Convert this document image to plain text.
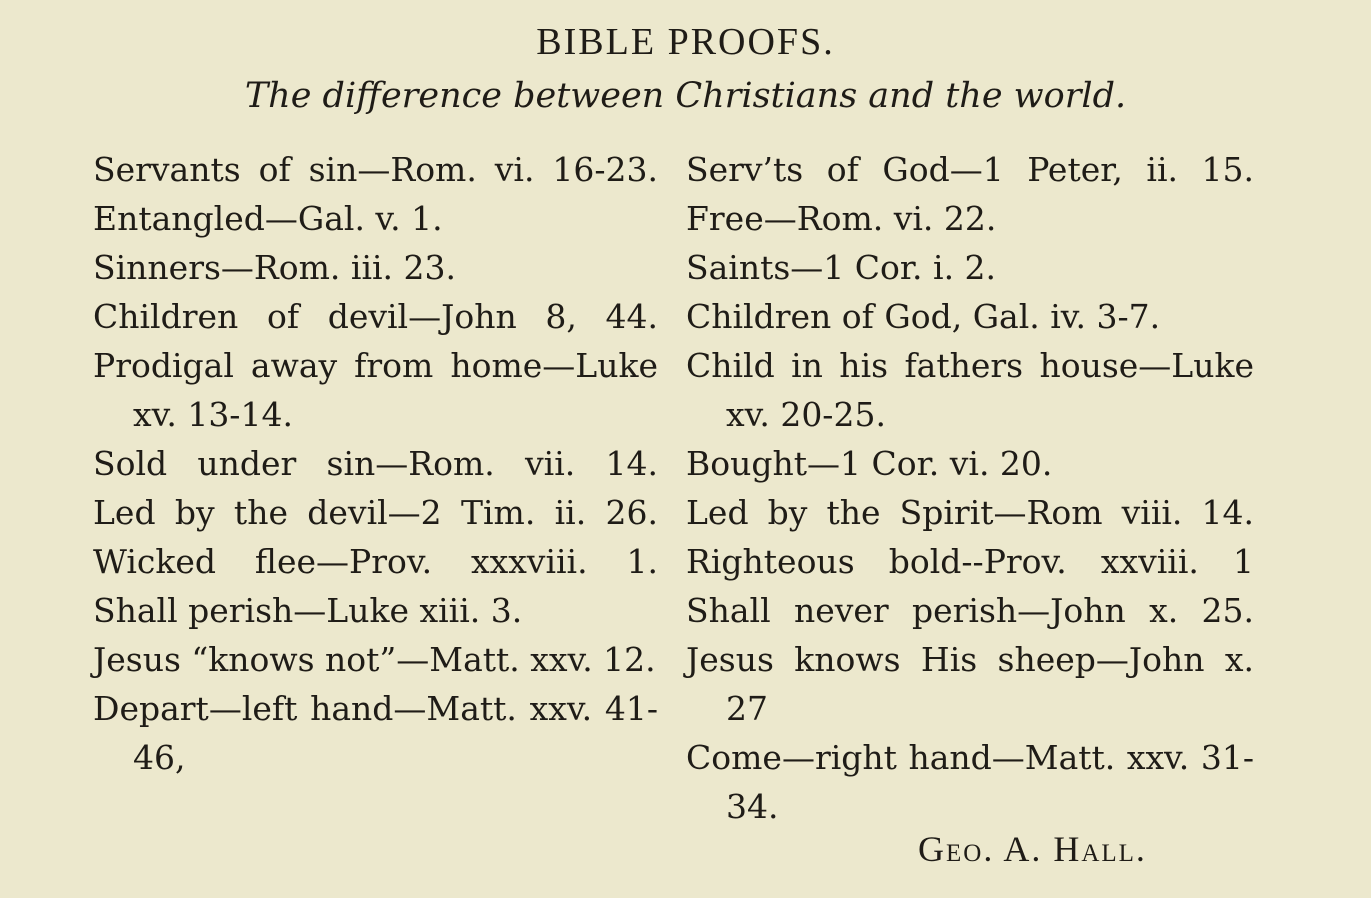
BIBLE PROOFS.
The difference between Christians and the world.
Servants of sin—Rom. vi. 16-23.
Entangled—Gal. v. 1.
Sinners—Rom. iii. 23.
Children of devil—John 8, 44.
Prodigal away from home—Luke xv. 13-14.
Sold under sin—Rom. vii. 14.
Led by the devil—2 Tim. ii. 26.
Wicked flee—Prov. xxxviii. 1.
Shall perish—Luke xiii. 3.
Jesus “knows not”—Matt. xxv. 12.
Depart—left hand—Matt. xxv. 41-46,
Serv’ts of God—1 Peter, ii. 15.
Free—Rom. vi. 22.
Saints—1 Cor. i. 2.
Children of God, Gal. iv. 3-7.
Child in his fathers house—Luke xv. 20-25.
Bought—1 Cor. vi. 20.
Led by the Spirit—Rom viii. 14.
Righteous bold--Prov. xxviii. 1
Shall never perish—John x. 25.
Jesus knows His sheep—John x. 27
Come—right hand—Matt. xxv. 31-34.
Geo. A. Hall.
